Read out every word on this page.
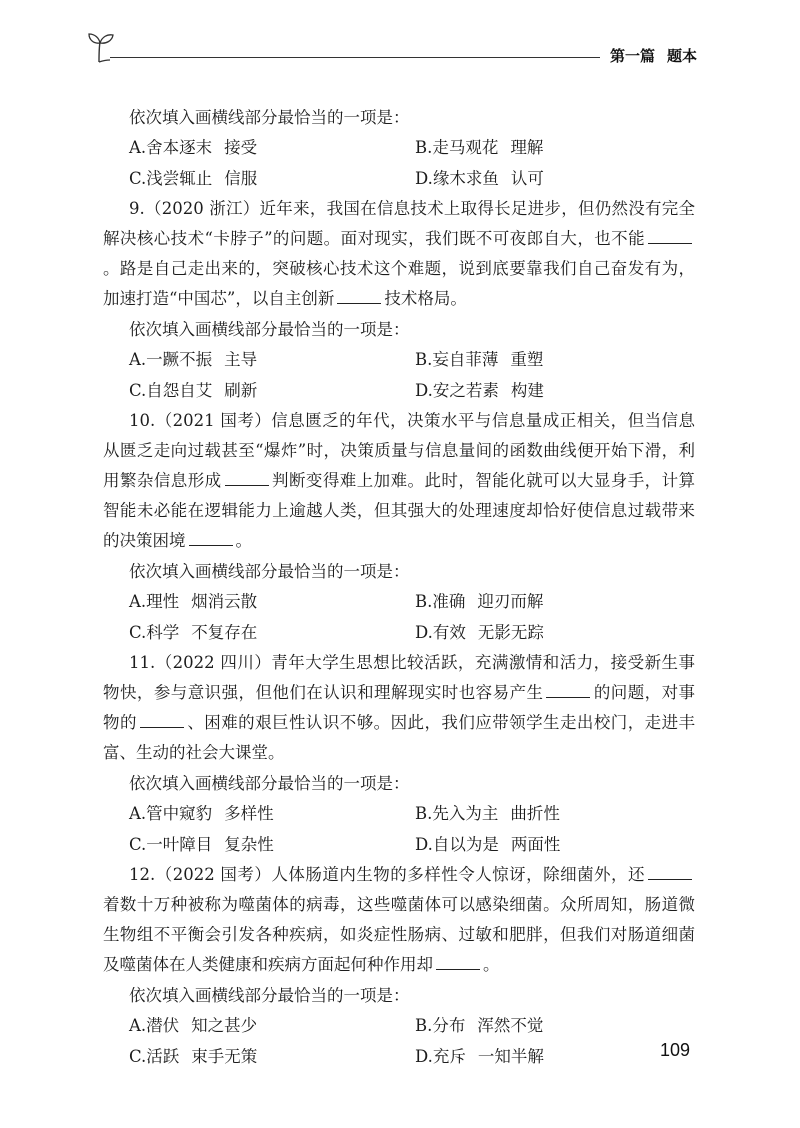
第一篇 题本
依次填入画横线部分最恰当的一项是：
A.舍本逐末 接受	B.走马观花 理解
C.浅尝辄止 信服	D.缘木求鱼 认可

9.（2020 浙江）近年来，我国在信息技术上取得长足进步，但仍然没有完全解决核心技术“卡脖子”的问题。面对现实，我们既不可夜郎自大，也不能。路是自己走出来的，突破核心技术这个难题，说到底要靠我们自己奋发有为，加速打造“中国芯”，以自主创新	技术格局。

依次填入画横线部分最恰当的一项是：
A.一蹶不振 主导	B.妄自菲薄 重塑
C.自怨自艾 刷新	D.安之若素 构建

10.（2021 国考）信息匮乏的年代，决策水平与信息量成正相关，但当信息从匮乏走向过载甚至“爆炸”时，决策质量与信息量间的函数曲线便开始下滑，利用繁杂信息形成	判断变得难上加难。此时，智能化就可以大显身手，计算智能未必能在逻辑能力上逾越人类，但其强大的处理速度却恰好使信息过载带来的决策困境	。

依次填入画横线部分最恰当的一项是：
A.理性 烟消云散	B.准确 迎刃而解
C.科学 不复存在	D.有效 无影无踪

11.（2022 四川）青年大学生思想比较活跃，充满激情和活力，接受新生事物快，参与意识强，但他们在认识和理解现实时也容易产生	的问题，对事物的	、困难的艰巨性认识不够。因此，我们应带领学生走出校门，走进丰富、生动的社会大课堂。

依次填入画横线部分最恰当的一项是：
A.管中窥豹 多样性	B.先入为主 曲折性
C.一叶障目 复杂性	D.自以为是 两面性

12.（2022 国考）人体肠道内生物的多样性令人惊讶，除细菌外，还着数十万种被称为噬菌体的病毒，这些噬菌体可以感染细菌。众所周知，肠道微生物组不平衡会引发各种疾病，如炎症性肠病、过敏和肥胖，但我们对肠道细菌及噬菌体在人类健康和疾病方面起何种作用却	。

依次填入画横线部分最恰当的一项是：
A.潜伏 知之甚少	B.分布 浑然不觉
C.活跃 束手无策	D.充斥 一知半解	109
